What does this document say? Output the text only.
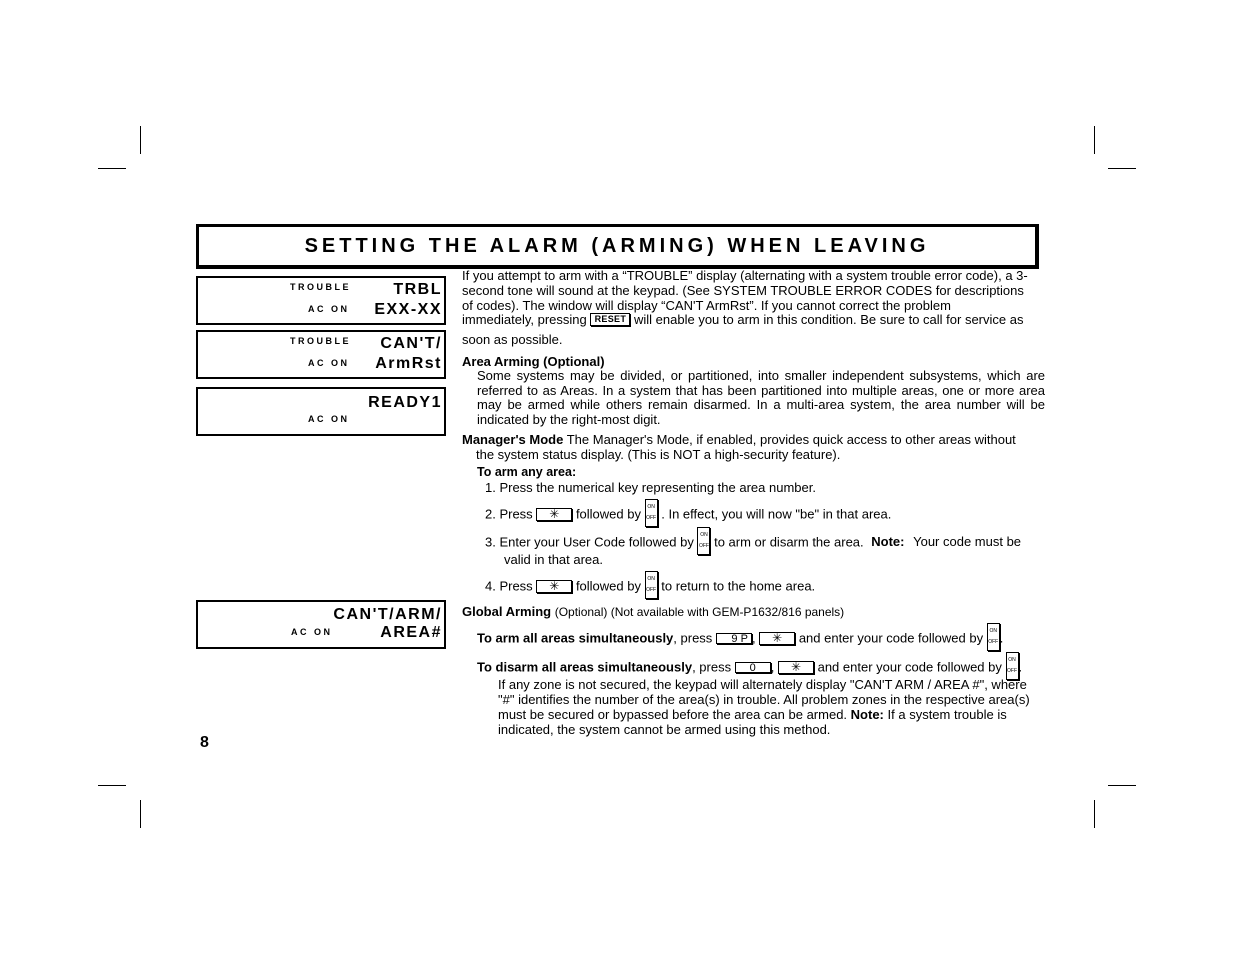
SETTING THE ALARM (ARMING) WHEN LEAVING
TROUBLE
AC ON
TRBL
EXX-XX
TROUBLE
AC ON
CAN'T/
ArmRst
AC ON
READY1
AC ON
CAN'T/ARM/
AREA#
If you attempt to arm with a “TROUBLE” display (alternating with a system trouble error code), a 3-
second tone will sound at the keypad. (See SYSTEM TROUBLE ERROR CODES for descriptions
of codes). The window will display “CAN'T ArmRst”. If you cannot correct the problem
immediately, pressing RESET will enable you to arm in this condition. Be sure to call for service as
soon as possible.
Area Arming (Optional)
Some systems may be divided, or partitioned, into smaller independent subsystems, which are referred to as Areas. In a system that has been partitioned into multiple areas, one or more area may be armed while others remain disarmed. In a multi-area system, the area number will be indicated by the right-most digit.
Manager's Mode The Manager's Mode, if enabled, provides quick access to other areas without
the system status display. (This is NOT a high-security feature).
To arm any area:
1. Press the numerical key representing the area number.
2. Press ✳ followed by	ON
OFF . In effect, you will now "be" in that area.
3. Enter your User Code followed by	ON
OFF to arm or disarm the area. Note: Your code must be
valid in that area.
4. Press ✳ followed by	ON
OFF to return to the home area.
Global Arming (Optional) (Not available with GEM-P1632/816 panels)
To arm all areas simultaneously, press 9 P , ✳ and enter your code followed by	ON
OFF .
To disarm all areas simultaneously, press 0 , ✳ and enter your code followed by	ON
OFF .
If any zone is not secured, the keypad will alternately display "CAN'T ARM / AREA #", where
"#" identifies the number of the area(s) in trouble. All problem zones in the respective area(s)
must be secured or bypassed before the area can be armed. Note: If a system trouble is
indicated, the system cannot be armed using this method.
8
